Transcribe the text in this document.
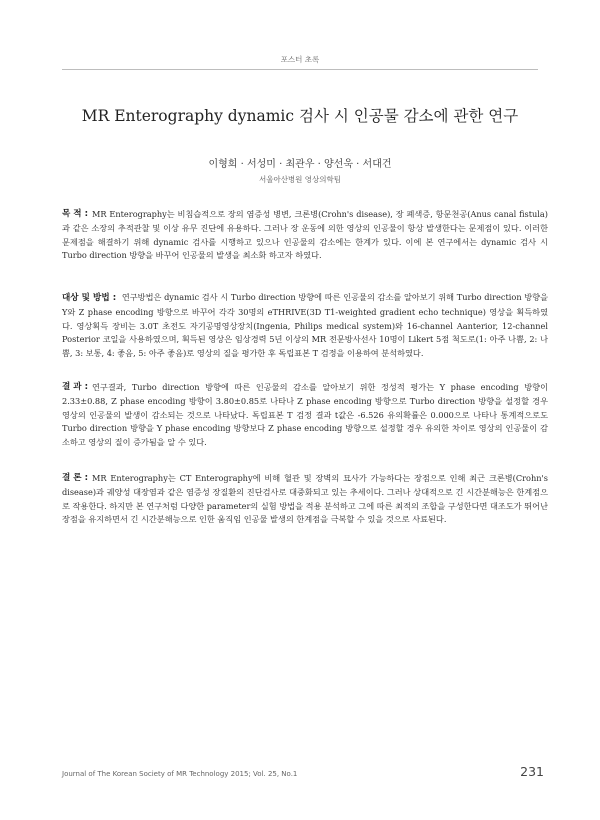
포스터 초록
MR Enterography dynamic 검사 시 인공물 감소에 관한 연구
이형희 · 서성미 · 최관우 · 양선욱 · 서대건
서울아산병원 영상의학팀
목 적 : MR Enterography는 비침습적으로 장의 염증성 병변, 크론병(Crohn's disease), 장 폐색증, 항문천공(Anus canal fistula)과 같은 소장의 추적관찰 및 이상 유무 진단에 유용하다. 그러나 장 운동에 의한 영상의 인공물이 항상 발생한다는 문제점이 있다. 이러한 문제점을 해결하기 위해 dynamic 검사를 시행하고 있으나 인공물의 감소에는 한계가 있다. 이에 본 연구에서는 dynamic 검사 시 Turbo direction 방향을 바꾸어 인공물의 발생을 최소화 하고자 하였다.
대상 및 방법 : 연구방법은 dynamic 검사 시 Turbo direction 방향에 따른 인공물의 감소를 알아보기 위해 Turbo direction 방향을 Y와 Z phase encoding 방향으로 바꾸어 각각 30명의 eTHRIVE(3D T1-weighted gradient echo technique) 영상을 획득하였다. 영상획득 장비는 3.0T 초전도 자기공명영상장치(Ingenia, Philips medical system)와 16-channel Aanterior, 12-channel Posterior 코일을 사용하였으며, 획득된 영상은 임상경력 5년 이상의 MR 전문방사선사 10명이 Likert 5점 척도로(1: 아주 나쁨, 2: 나쁨, 3: 보통, 4: 좋음, 5: 아주 좋음)로 영상의 질을 평가한 후 독립표본 T 검정을 이용하여 분석하였다.
결 과 : 연구결과, Turbo direction 방향에 따른 인공물의 감소를 알아보기 위한 정성적 평가는 Y phase encoding 방향이 2.33±0.88, Z phase encoding 방향이 3.80±0.85로 나타나 Z phase encoding 방향으로 Turbo direction 방향을 설정할 경우 영상의 인공물의 발생이 감소되는 것으로 나타났다. 독립표본 T 검정 결과 t값은 -6.526 유의확률은 0.000으로 나타나 통계적으로도 Turbo direction 방향을 Y phase encoding 방향보다 Z phase encoding 방향으로 설정할 경우 유의한 차이로 영상의 인공물이 감소하고 영상의 질이 증가됨을 알 수 있다.
결 론 : MR Enterography는 CT Enterography에 비해 혈관 및 장벽의 묘사가 가능하다는 장점으로 인해 최근 크론병(Crohn's disease)과 궤양성 대장염과 같은 염증성 장질환의 진단검사로 대중화되고 있는 추세이다. 그러나 상대적으로 긴 시간분해능은 한계점으로 작용한다. 하지만 본 연구처럼 다양한 parameter의 실험 방법을 적용 분석하고 그에 따른 최적의 조합을 구성한다면 대조도가 뛰어난 장점을 유지하면서 긴 시간분해능으로 인한 움직임 인공물 발생의 한계점을 극복할 수 있을 것으로 사료된다.
Journal of The Korean Society of MR Technology 2015; Vol. 25, No.1	231
